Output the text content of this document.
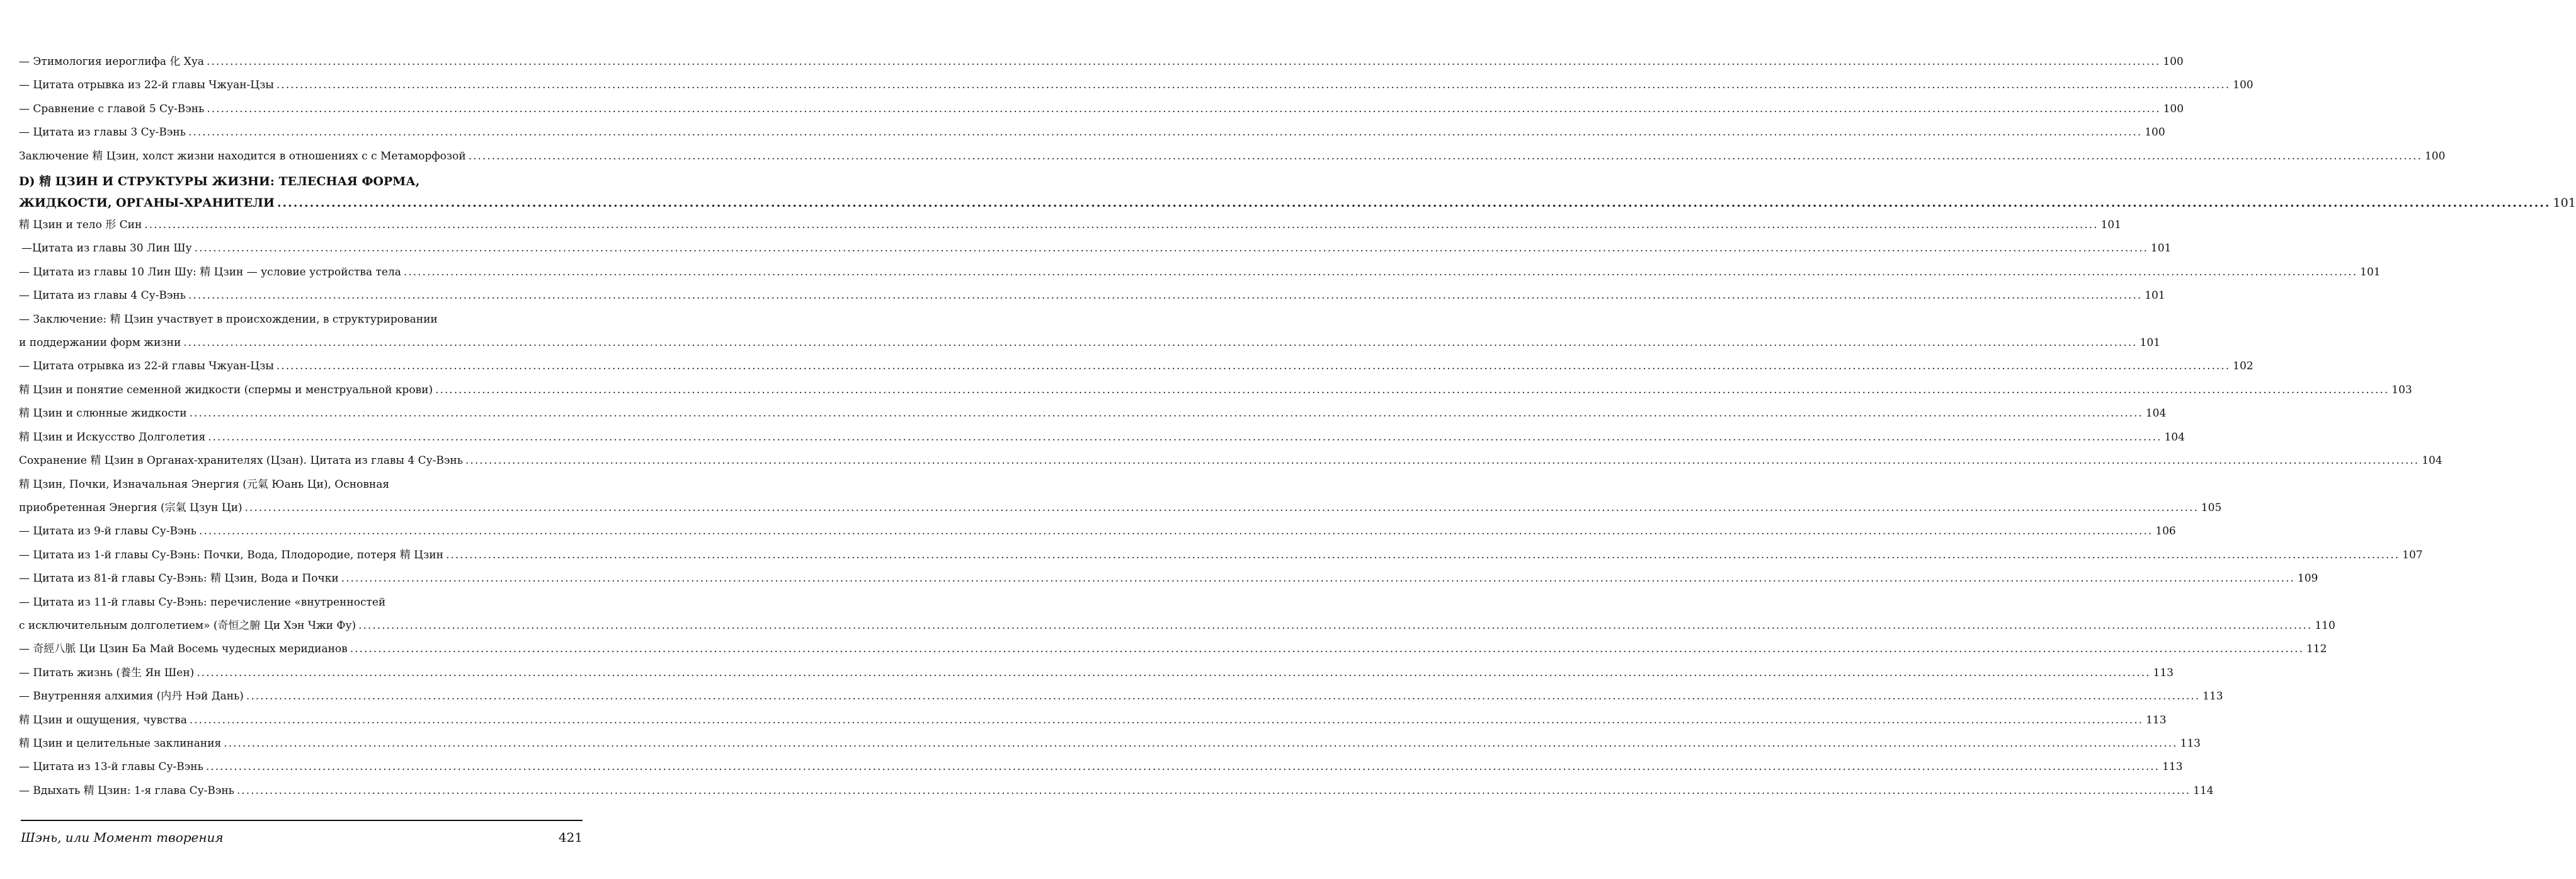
— Этимология иероглифа 化 Хуа .....	100
— Цитата отрывка из 22-й главы Чжуан-Цзы .....	100
— Сравнение с главой 5 Су-Вэнь .....	100
— Цитата из главы 3 Су-Вэнь .....	100
Заключение 精 Цзин, холст жизни находится в отношениях с с Метаморфозой .....	100
D) 精 ЦЗИН И СТРУКТУРЫ ЖИЗНИ: ТЕЛЕСНАЯ ФОРМА,
ЖИДКОСТИ, ОРГАНЫ-ХРАНИТЕЛИ .....	101
精 Цзин и тело 形 Син .....	101
—Цитата из главы 30 Лин Шу .....	101
— Цитата из главы 10 Лин Шу: 精 Цзин — условие устройства тела .....	101
— Цитата из главы 4 Су-Вэнь .....	101
— Заключение: 精 Цзин участвует в происхождении, в структурировании
и поддержании форм жизни .....	101
— Цитата отрывка из 22-й главы Чжуан-Цзы .....	102
精 Цзин и понятие семенной жидкости (спермы и менструальной крови) .....	103
精 Цзин и слюнные жидкости .....	104
精 Цзин и Искусство Долголетия .....	104
Сохранение 精 Цзин в Органах-хранителях (Цзан). Цитата из главы 4 Су-Вэнь .....	104
精 Цзин, Почки, Изначальная Энергия (元氣 Юань Ци), Основная
приобретенная Энергия (宗氣 Цзун Ци) .....	105
— Цитата из 9-й главы Су-Вэнь .....	106
— Цитата из 1-й главы Су-Вэнь: Почки, Вода, Плодородие, потеря 精 Цзин .....	107
— Цитата из 81-й главы Су-Вэнь: 精 Цзин, Вода и Почки .....	109
— Цитата из 11-й главы Су-Вэнь: перечисление «внутренностей
с исключительным долголетием» (奇恒之腑 Ци Хэн Чжи Фу) .....	110
— 奇經八脈 Ци Цзин Ба Май Восемь чудесных меридианов .....	112
— Питать жизнь (養生 Ян Шен) .....	113
— Внутренняя алхимия (内丹 Нэй Дань) .....	113
精 Цзин и ощущения, чувства .....	113
精 Цзин и целительные заклинания .....	113
— Цитата из 13-й главы Су-Вэнь .....	113
— Вдыхать 精 Цзин: 1-я глава Су-Вэнь .....	114
Шэнь, или Момент творения	421
